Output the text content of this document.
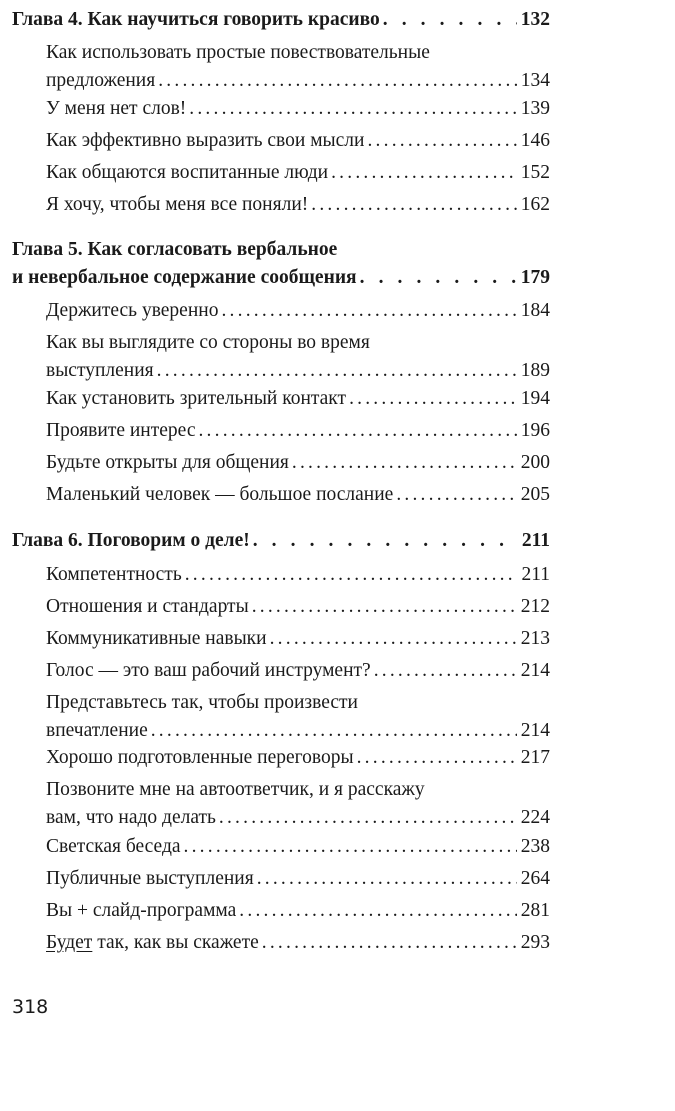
Глава 4. Как научиться говорить красиво . . .	132
Как использовать простые повествовательные
предложения .....	134
У меня нет слов! .....	139
Как эффективно выразить свои мысли .....	146
Как общаются воспитанные люди .....	152
Я хочу, чтобы меня все поняли! .....	162
Глава 5. Как согласовать вербальное
и невербальное содержание сообщения . . .	179
Держитесь уверенно .....	184
Как вы выглядите со стороны во время
выступления .....	189
Как установить зрительный контакт .....	194
Проявите интерес .....	196
Будьте открыты для общения .....	200
Маленький человек — большое послание .....	205
Глава 6. Поговорим о деле! . . .	211
Компетентность .....	211
Отношения и стандарты .....	212
Коммуникативные навыки .....	213
Голос — это ваш рабочий инструмент? .....	214
Представьтесь так, чтобы произвести
впечатление .....	214
Хорошо подготовленные переговоры .....	217
Позвоните мне на автоответчик, и я расскажу
вам, что надо делать .....	224
Светская беседа .....	238
Публичные выступления .....	264
Вы + слайд-программа .....	281
Будет так, как вы скажете .....	293
318
